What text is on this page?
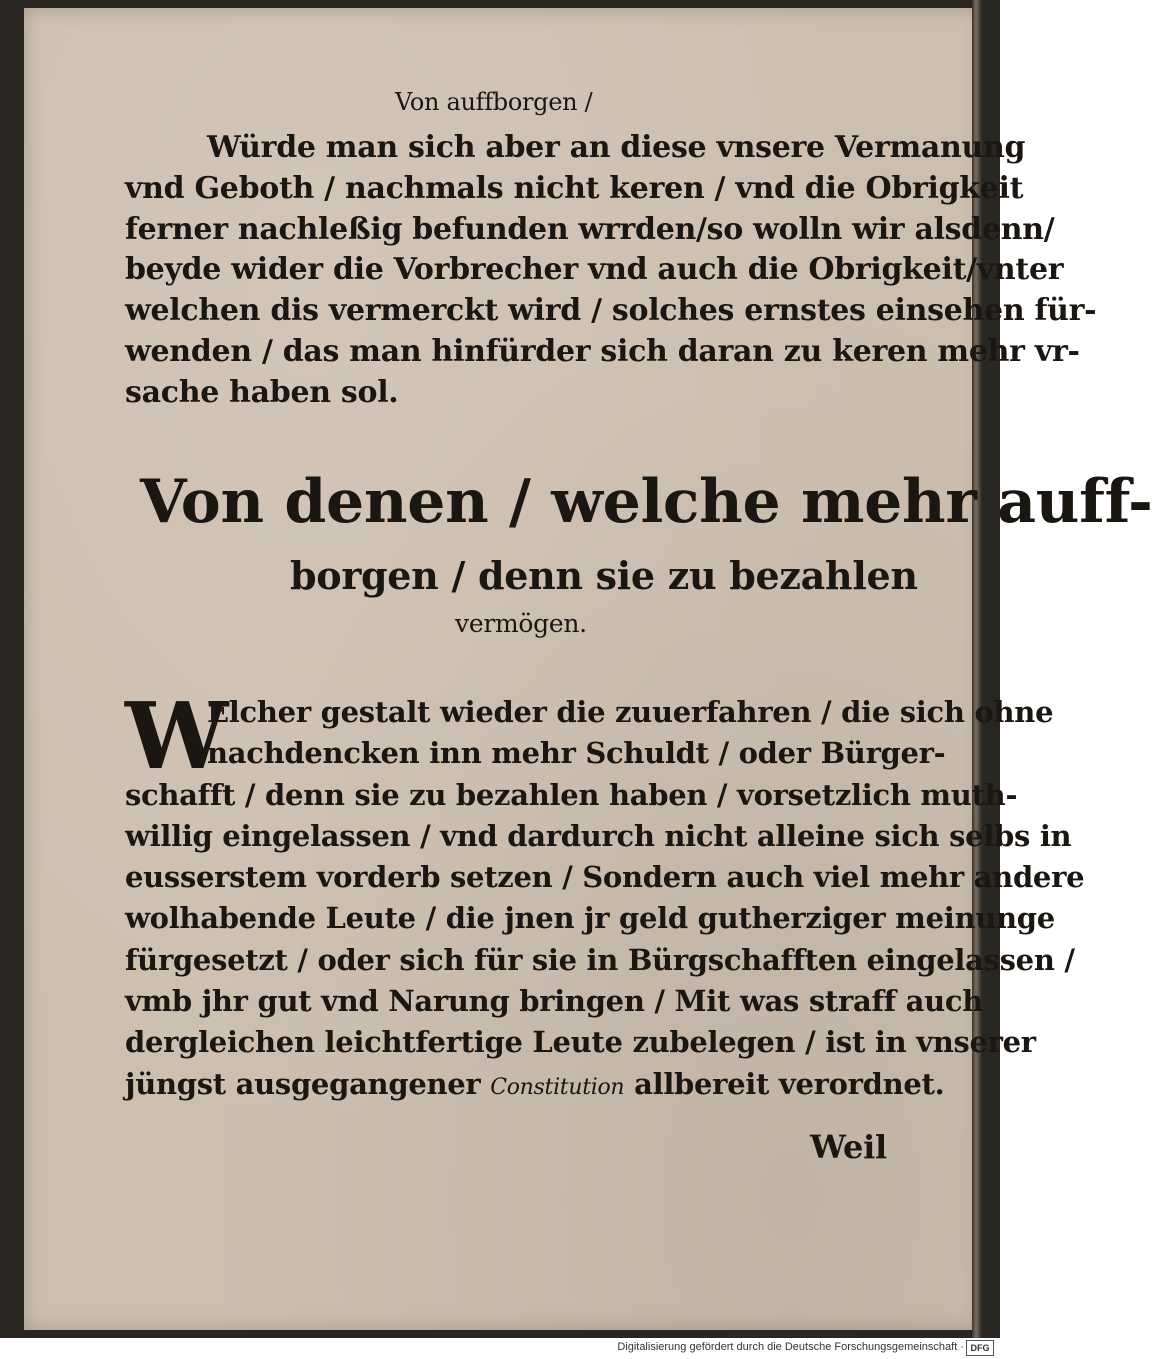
Von auffborgen /
Würde man sich aber an diese vnsere Vermanung
vnd Geboth / nachmals nicht keren / vnd die Obrigkeit
ferner nachleßig befunden wrrden/so wolln wir alsdenn/
beyde wider die Vorbrecher vnd auch die Obrigkeit/vnter
welchen dis vermerckt wird / solches ernstes einsehen für-
wenden / das man hinfürder sich daran zu keren mehr vr-
sache haben sol.
Von denen / welche mehr auff-
borgen / denn sie zu bezahlen
vermögen.
W
Elcher gestalt wieder die zuuerfahren / die sich ohne
nachdencken inn mehr Schuldt / oder Bürger-
schafft / denn sie zu bezahlen haben / vorsetzlich muth-
willig eingelassen / vnd dardurch nicht alleine sich selbs in
eusserstem vorderb setzen / Sondern auch viel mehr andere
wolhabende Leute / die jnen jr geld gutherziger meinunge
fürgesetzt / oder sich für sie in Bürgschafften eingelassen /
vmb jhr gut vnd Narung bringen / Mit was straff auch
dergleichen leichtfertige Leute zubelegen / ist in vnserer
jüngst ausgegangener Constitution allbereit verordnet.
Weil
Digitalisierung gefördert durch die Deutsche Forschungsgemeinschaft · DFG
